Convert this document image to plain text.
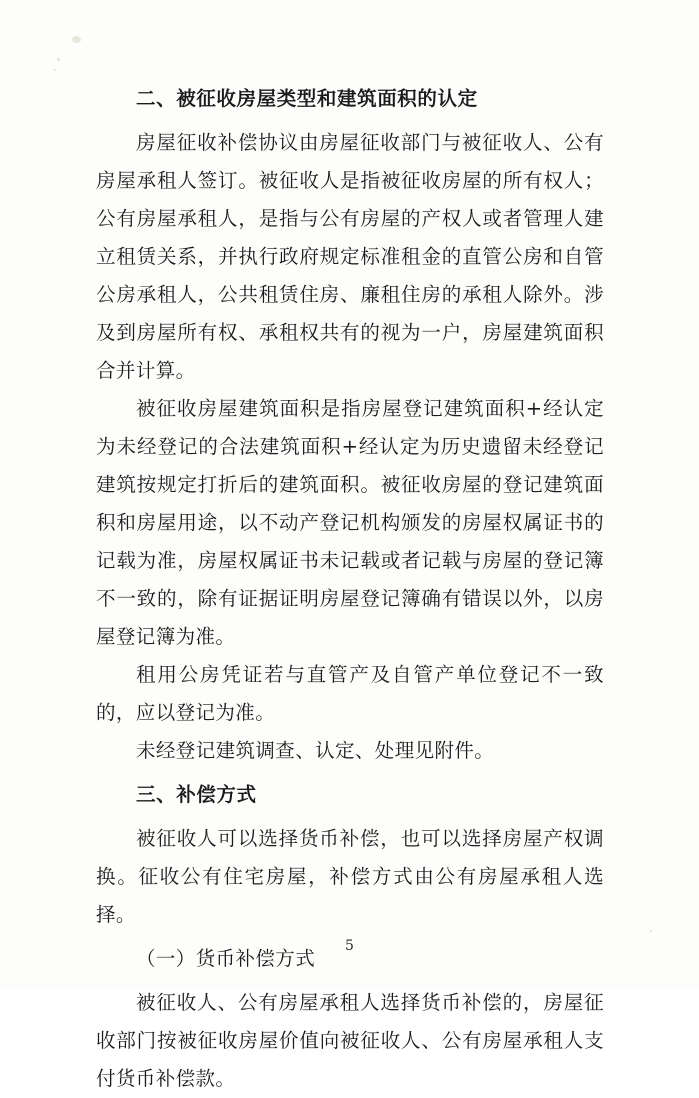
二、被征收房屋类型和建筑面积的认定

房屋征收补偿协议由房屋征收部门与被征收人、公有房屋承租人签订。被征收人是指被征收房屋的所有权人；公有房屋承租人，是指与公有房屋的产权人或者管理人建立租赁关系，并执行政府规定标准租金的直管公房和自管公房承租人，公共租赁住房、廉租住房的承租人除外。涉及到房屋所有权、承租权共有的视为一户，房屋建筑面积合并计算。

被征收房屋建筑面积是指房屋登记建筑面积+经认定为未经登记的合法建筑面积+经认定为历史遗留未经登记建筑按规定打折后的建筑面积。被征收房屋的登记建筑面积和房屋用途，以不动产登记机构颁发的房屋权属证书的记载为准，房屋权属证书未记载或者记载与房屋的登记簿不一致的，除有证据证明房屋登记簿确有错误以外，以房屋登记簿为准。

租用公房凭证若与直管产及自管产单位登记不一致的，应以登记为准。

未经登记建筑调查、认定、处理见附件。

三、补偿方式

被征收人可以选择货币补偿，也可以选择房屋产权调换。征收公有住宅房屋，补偿方式由公有房屋承租人选择。

（一）货币补偿方式

被征收人、公有房屋承租人选择货币补偿的，房屋征收部门按被征收房屋价值向被征收人、公有房屋承租人支付货币补偿款。

5
